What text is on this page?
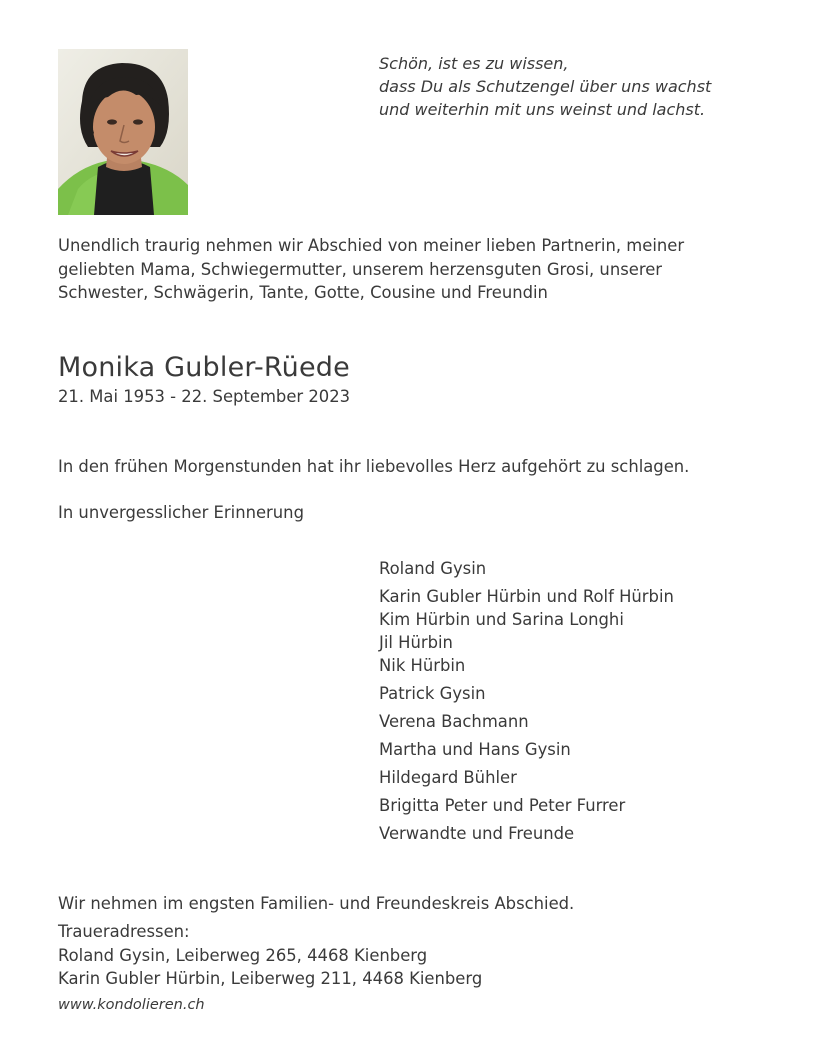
Schön, ist es zu wissen,
dass Du als Schutzengel über uns wachst
und weiterhin mit uns weinst und lachst.
Unendlich traurig nehmen wir Abschied von meiner lieben Partnerin, meiner
geliebten Mama, Schwiegermutter, unserem herzensguten Grosi, unserer
Schwester, Schwägerin, Tante, Gotte, Cousine und Freundin
Monika Gubler-Rüede
21. Mai 1953 - 22. September 2023
In den frühen Morgenstunden hat ihr liebevolles Herz aufgehört zu schlagen.
In unvergesslicher Erinnerung
Roland Gysin
Karin Gubler Hürbin und Rolf Hürbin
Kim Hürbin und Sarina Longhi
Jil Hürbin
Nik Hürbin
Patrick Gysin
Verena Bachmann
Martha und Hans Gysin
Hildegard Bühler
Brigitta Peter und Peter Furrer
Verwandte und Freunde
Wir nehmen im engsten Familien- und Freundeskreis Abschied.
Traueradressen:
Roland Gysin, Leiberweg 265, 4468 Kienberg
Karin Gubler Hürbin, Leiberweg 211, 4468 Kienberg
www.kondolieren.ch
